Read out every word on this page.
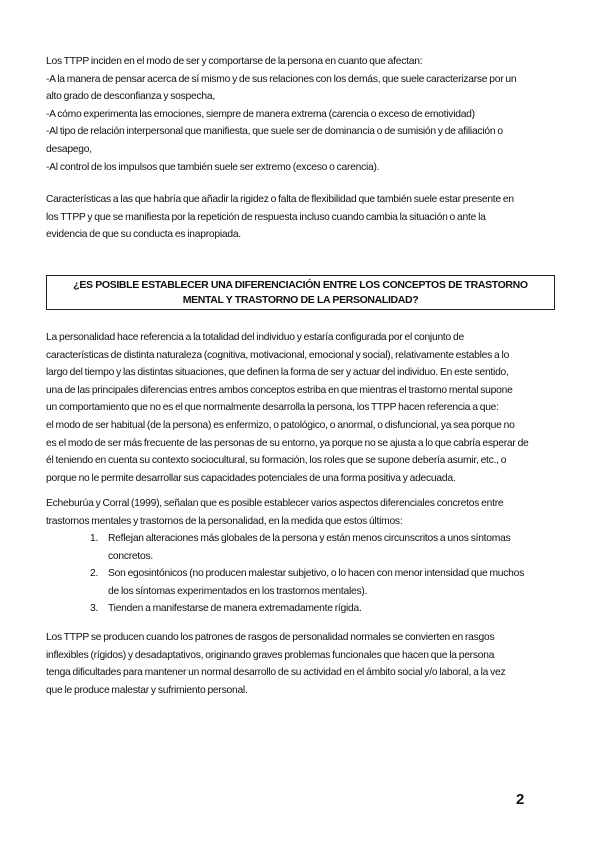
Los TTPP inciden en el modo de ser y comportarse de la persona en cuanto que afectan:
-A la manera de pensar acerca de sí mismo y de sus relaciones con los demás, que suele caracterizarse por un
alto grado de desconfianza y sospecha,
-A cómo experimenta las emociones, siempre de manera extrema (carencia o exceso de emotividad)
-Al tipo de relación interpersonal que manifiesta, que suele ser de dominancia o de sumisión y de afiliación o
desapego,
-Al control de los impulsos que también suele ser extremo (exceso o carencia).
Características a las que habría que añadir la rigidez o falta de flexibilidad que también suele estar presente en
los TTPP y que se manifiesta por la repetición de respuesta incluso cuando cambia la situación o ante la
evidencia de que su conducta es inapropiada.
¿ES POSIBLE ESTABLECER UNA DIFERENCIACIÓN ENTRE LOS CONCEPTOS DE TRASTORNO
MENTAL Y TRASTORNO DE LA PERSONALIDAD?
La personalidad hace referencia a la totalidad del individuo y estaría configurada por el conjunto de
características de distinta naturaleza (cognitiva, motivacional, emocional y social), relativamente estables a lo
largo del tiempo y las distintas situaciones, que definen la forma de ser y actuar del individuo. En este sentido,
una de las principales diferencias entres ambos conceptos estriba en que mientras el trastorno mental supone
un comportamiento que no es el que normalmente desarrolla la persona, los TTPP hacen referencia a que:
el modo de ser habitual (de la persona) es enfermizo, o patológico, o anormal, o disfuncional, ya sea porque no
es el modo de ser más frecuente de las personas de su entorno, ya porque no se ajusta a lo que cabría esperar de
él teniendo en cuenta su contexto sociocultural, su formación, los roles que se supone debería asumir, etc., o
porque no le permite desarrollar sus capacidades potenciales de una forma positiva y adecuada.
Echeburúa y Corral (1999), señalan que es posible establecer varios aspectos diferenciales concretos entre
trastornos mentales y trastornos de la personalidad, en la medida que estos últimos:
1. Reflejan alteraciones más globales de la persona y están menos circunscritos a unos síntomas
concretos.
2. Son egosintónicos (no producen malestar subjetivo, o lo hacen con menor intensidad que muchos
de los síntomas experimentados en los trastornos mentales).
3. Tienden a manifestarse de manera extremadamente rígida.
Los TTPP se producen cuando los patrones de rasgos de personalidad normales se convierten en rasgos
inflexibles (rígidos) y desadaptativos, originando graves problemas funcionales que hacen que la persona
tenga dificultades para mantener un normal desarrollo de su actividad en el ámbito social y/o laboral, a la vez
que le produce malestar y sufrimiento personal.
2
